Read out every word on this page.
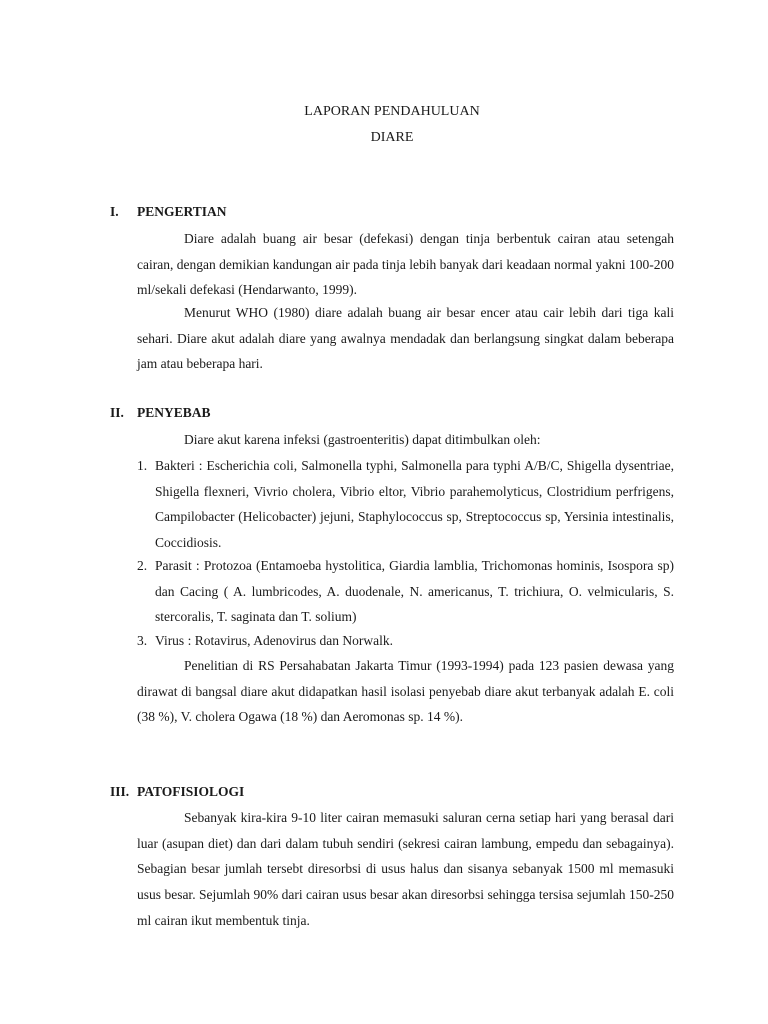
LAPORAN PENDAHULUAN
DIARE
I. PENGERTIAN

Diare adalah buang air besar (defekasi) dengan tinja berbentuk cairan atau setengah cairan, dengan demikian kandungan air pada tinja lebih banyak dari keadaan normal yakni 100-200 ml/sekali defekasi (Hendarwanto, 1999).

Menurut WHO (1980) diare adalah buang air besar encer atau cair lebih dari tiga kali sehari. Diare akut adalah diare yang awalnya mendadak dan berlangsung singkat dalam beberapa jam atau beberapa hari.

II. PENYEBAB

Diare akut karena infeksi (gastroenteritis) dapat ditimbulkan oleh:

1. Bakteri : Escherichia coli, Salmonella typhi, Salmonella para typhi A/B/C, Shigella dysentriae, Shigella flexneri, Vivrio cholera, Vibrio eltor, Vibrio parahemolyticus, Clostridium perfrigens, Campilobacter (Helicobacter) jejuni, Staphylococcus sp, Streptococcus sp, Yersinia intestinalis, Coccidiosis.
2. Parasit : Protozoa (Entamoeba hystolitica, Giardia lamblia, Trichomonas hominis, Isospora sp) dan Cacing ( A. lumbricodes, A. duodenale, N. americanus, T. trichiura, O. velmicularis, S. stercoralis, T. saginata dan T. solium)
3. Virus : Rotavirus, Adenovirus dan Norwalk.

Penelitian di RS Persahabatan Jakarta Timur (1993-1994) pada 123 pasien dewasa yang dirawat di bangsal diare akut didapatkan hasil isolasi penyebab diare akut terbanyak adalah E. coli (38 %), V. cholera Ogawa (18 %) dan Aeromonas sp. 14 %).

III. PATOFISIOLOGI

Sebanyak kira-kira 9-10 liter cairan memasuki saluran cerna setiap hari yang berasal dari luar (asupan diet) dan dari dalam tubuh sendiri (sekresi cairan lambung, empedu dan sebagainya). Sebagian besar jumlah tersebt diresorbsi di usus halus dan sisanya sebanyak 1500 ml memasuki usus besar. Sejumlah 90% dari cairan usus besar akan diresorbsi sehingga tersisa sejumlah 150-250 ml cairan ikut membentuk tinja.
